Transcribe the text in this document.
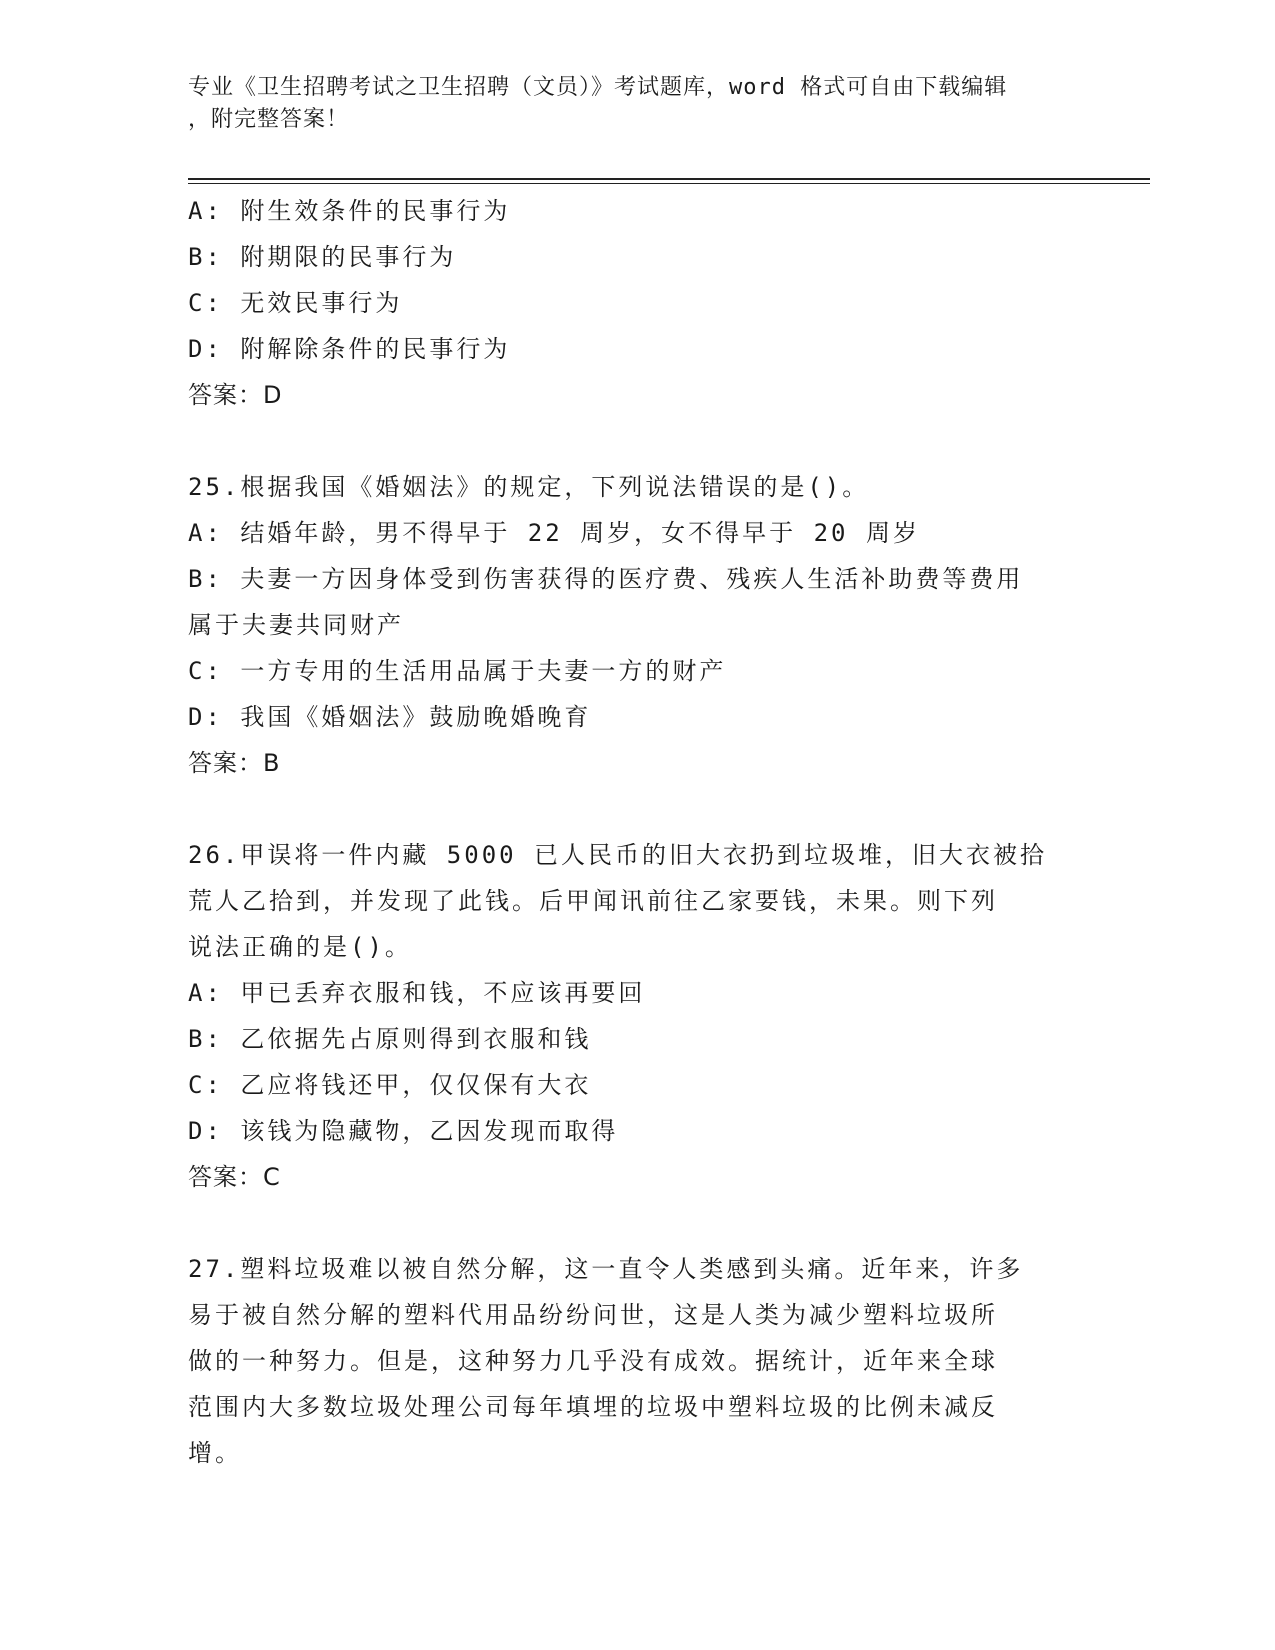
专业《卫生招聘考试之卫生招聘（文员）》考试题库，word 格式可自由下载编辑
，附完整答案！
A: 附生效条件的民事行为
B: 附期限的民事行为
C: 无效民事行为
D: 附解除条件的民事行为
答案：D
25.根据我国《婚姻法》的规定，下列说法错误的是()。
A: 结婚年龄，男不得早于 22 周岁，女不得早于 20 周岁
B: 夫妻一方因身体受到伤害获得的医疗费、残疾人生活补助费等费用
属于夫妻共同财产
C: 一方专用的生活用品属于夫妻一方的财产
D: 我国《婚姻法》鼓励晚婚晚育
答案：B
26.甲误将一件内藏 5000 已人民币的旧大衣扔到垃圾堆，旧大衣被拾
荒人乙拾到，并发现了此钱。后甲闻讯前往乙家要钱，未果。则下列
说法正确的是()。
A: 甲已丢弃衣服和钱，不应该再要回
B: 乙依据先占原则得到衣服和钱
C: 乙应将钱还甲，仅仅保有大衣
D: 该钱为隐藏物，乙因发现而取得
答案：C
27.塑料垃圾难以被自然分解，这一直令人类感到头痛。近年来，许多
易于被自然分解的塑料代用品纷纷问世，这是人类为减少塑料垃圾所
做的一种努力。但是，这种努力几乎没有成效。据统计，近年来全球
范围内大多数垃圾处理公司每年填埋的垃圾中塑料垃圾的比例未减反
增。
